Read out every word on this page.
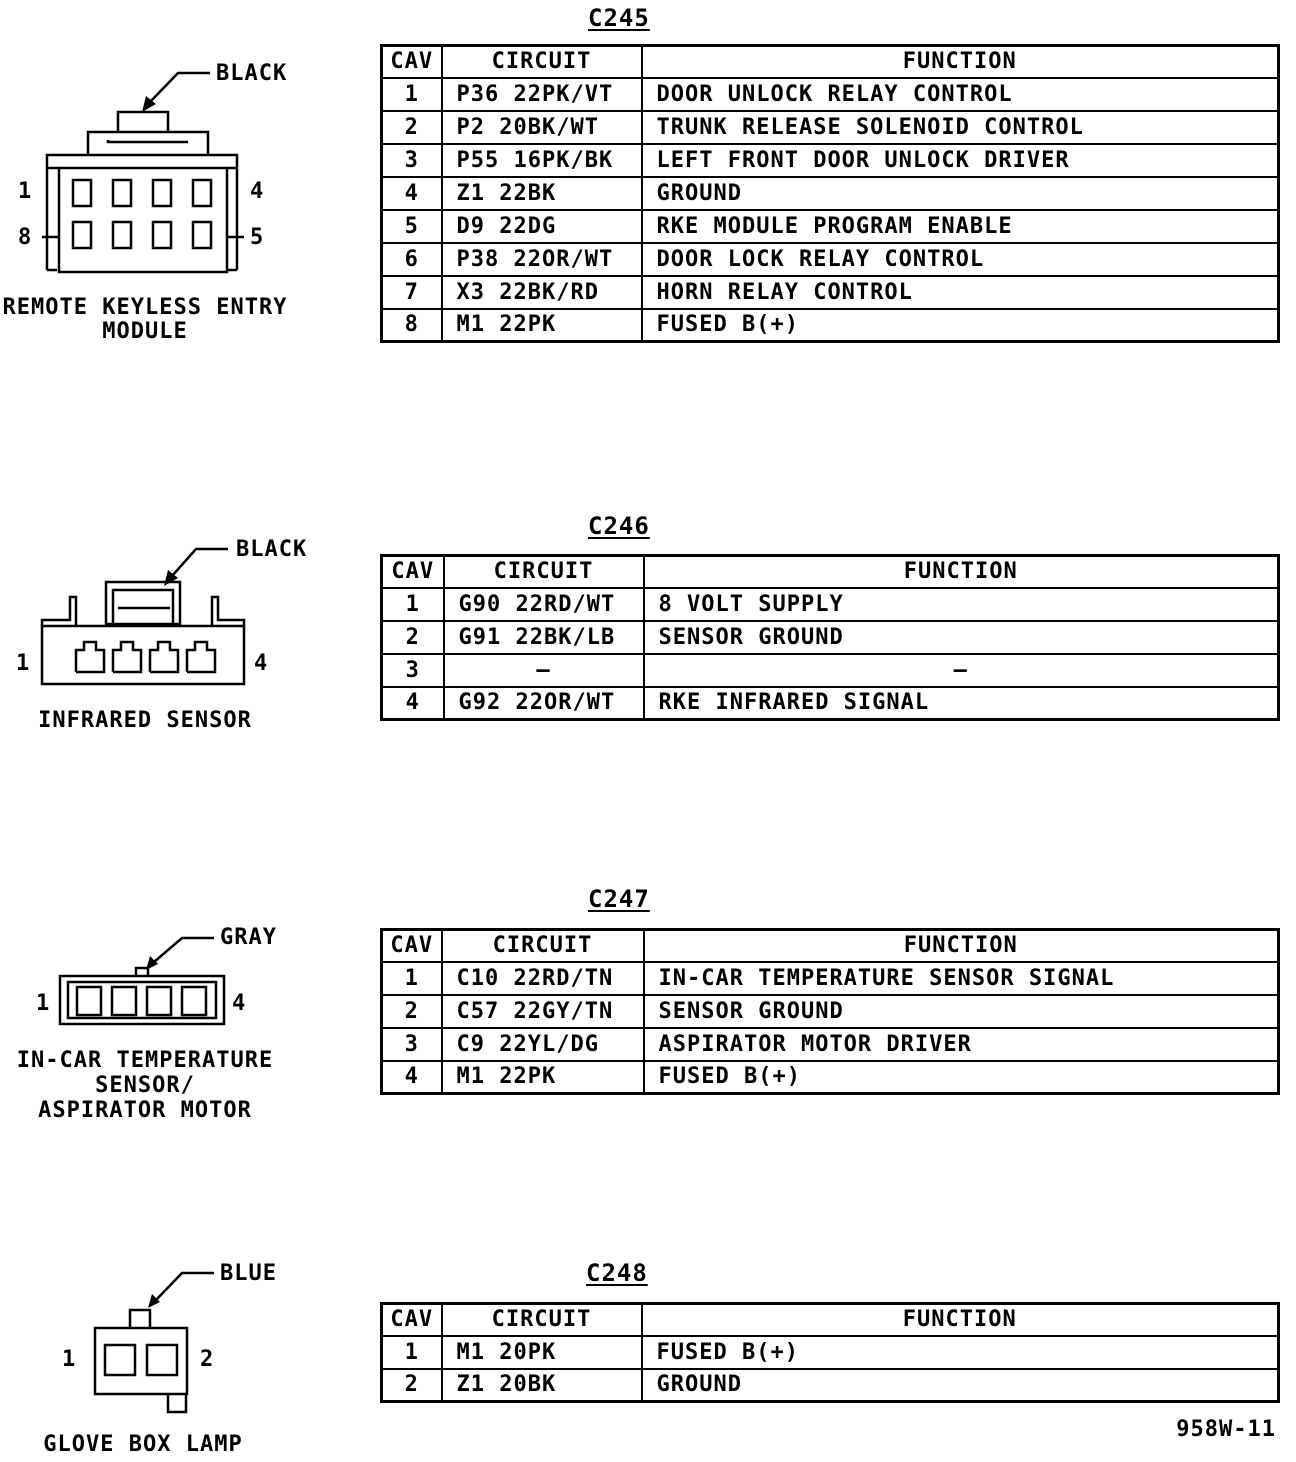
C245
BLACK
1	4
8	5
REMOTE KEYLESS ENTRY
MODULE
CAV	CIRCUIT	FUNCTION
1	P36 22PK/VT	DOOR UNLOCK RELAY CONTROL
2	P2 20BK/WT	TRUNK RELEASE SOLENOID CONTROL
3	P55 16PK/BK	LEFT FRONT DOOR UNLOCK DRIVER
4	Z1 22BK	GROUND
5	D9 22DG	RKE MODULE PROGRAM ENABLE
6	P38 22OR/WT	DOOR LOCK RELAY CONTROL
7	X3 22BK/RD	HORN RELAY CONTROL
8	M1 22PK	FUSED B(+)
C246
BLACK
1	4
INFRARED SENSOR
CAV	CIRCUIT	FUNCTION
1	G90 22RD/WT	8 VOLT SUPPLY
2	G91 22BK/LB	SENSOR GROUND
3	–	–
4	G92 22OR/WT	RKE INFRARED SIGNAL
C247
GRAY
1	4
IN-CAR TEMPERATURE
SENSOR/
ASPIRATOR MOTOR
CAV	CIRCUIT	FUNCTION
1	C10 22RD/TN	IN-CAR TEMPERATURE SENSOR SIGNAL
2	C57 22GY/TN	SENSOR GROUND
3	C9 22YL/DG	ASPIRATOR MOTOR DRIVER
4	M1 22PK	FUSED B(+)
C248
BLUE
1	2
GLOVE BOX LAMP
CAV	CIRCUIT	FUNCTION
1	M1 20PK	FUSED B(+)
2	Z1 20BK	GROUND
958W-11
